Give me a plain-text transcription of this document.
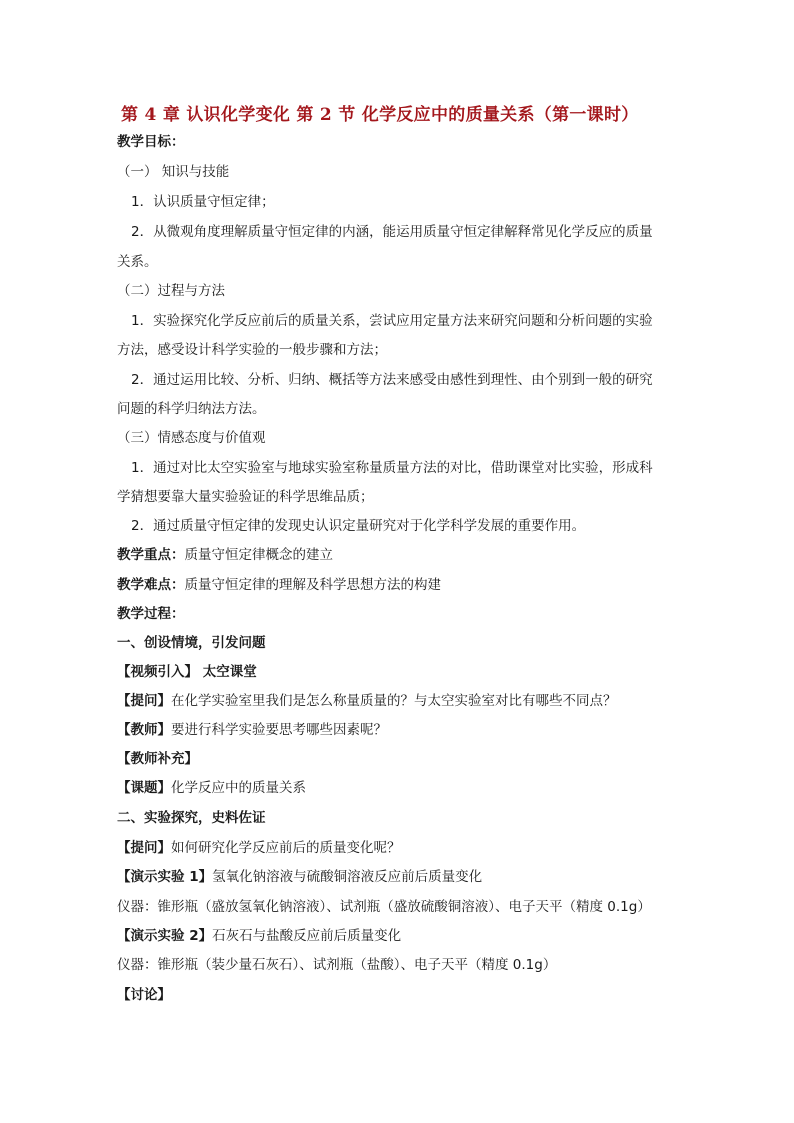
第 4 章 认识化学变化 第 2 节 化学反应中的质量关系（第一课时）

教学目标：

（一） 知识与技能

1．认识质量守恒定律；

2．从微观角度理解质量守恒定律的内涵，能运用质量守恒定律解释常见化学反应的质量

关系。

（二）过程与方法

1．实验探究化学反应前后的质量关系，尝试应用定量方法来研究问题和分析问题的实验

方法，感受设计科学实验的一般步骤和方法；

2．通过运用比较、分析、归纳、概括等方法来感受由感性到理性、由个别到一般的研究

问题的科学归纳法方法。

（三）情感态度与价值观

1．通过对比太空实验室与地球实验室称量质量方法的对比，借助课堂对比实验，形成科

学猜想要靠大量实验验证的科学思维品质；

2．通过质量守恒定律的发现史认识定量研究对于化学科学发展的重要作用。

教学重点：质量守恒定律概念的建立

教学难点：质量守恒定律的理解及科学思想方法的构建

教学过程：

一、创设情境，引发问题

【视频引入】 太空课堂

【提问】在化学实验室里我们是怎么称量质量的？与太空实验室对比有哪些不同点？

【教师】要进行科学实验要思考哪些因素呢？

【教师补充】

【课题】化学反应中的质量关系

二、实验探究，史料佐证

【提问】如何研究化学反应前后的质量变化呢？

【演示实验 1】氢氧化钠溶液与硫酸铜溶液反应前后质量变化

仪器：锥形瓶（盛放氢氧化钠溶液）、试剂瓶（盛放硫酸铜溶液）、电子天平（精度 0.1g）

【演示实验 2】石灰石与盐酸反应前后质量变化

仪器：锥形瓶（装少量石灰石）、试剂瓶（盐酸）、电子天平（精度 0.1g）

【讨论】
